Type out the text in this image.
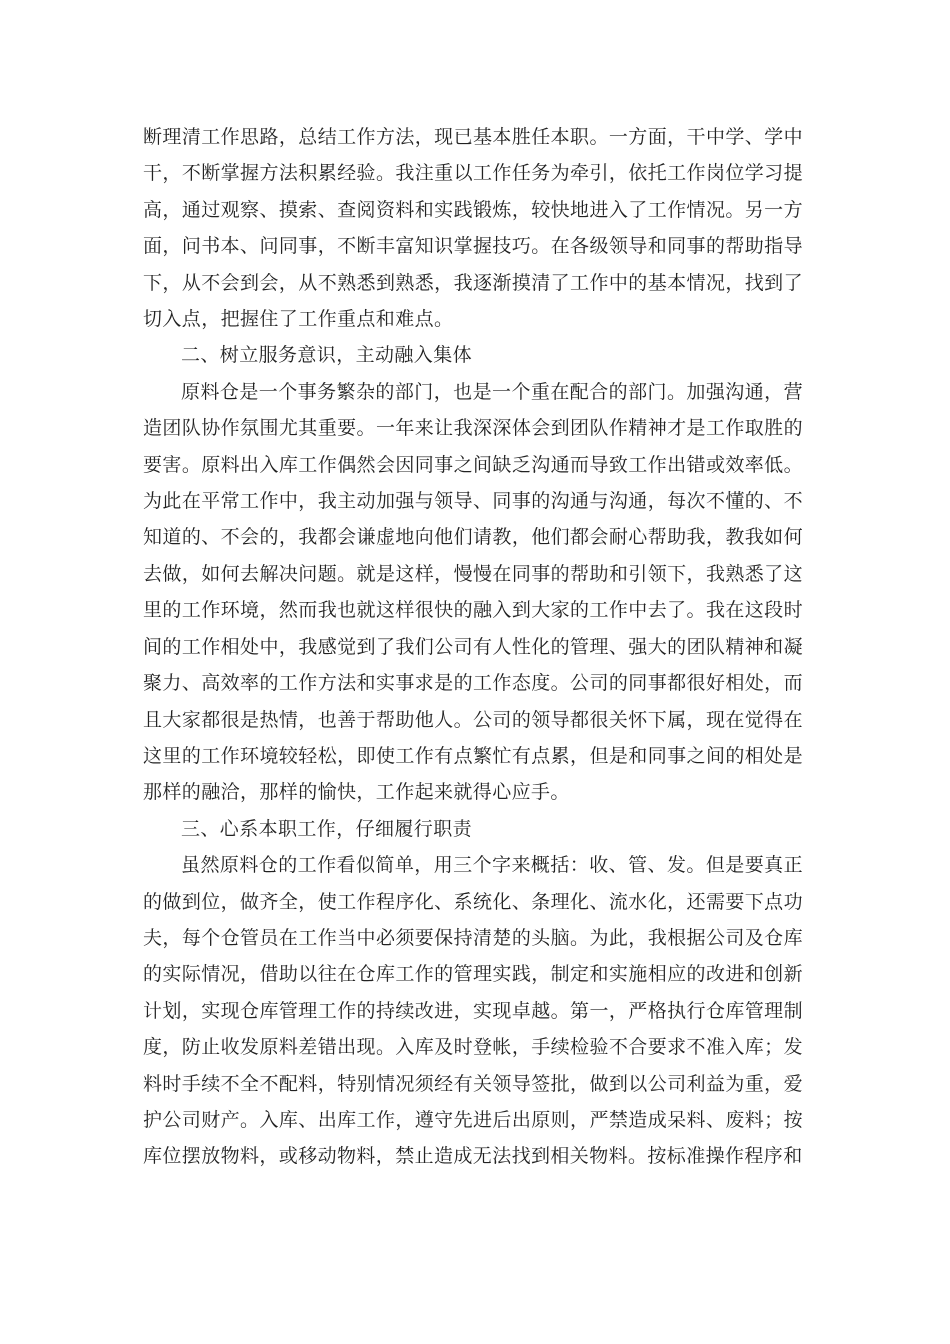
断理清工作思路，总结工作方法，现已基本胜任本职。一方面，干中学、学中干，不断掌握方法积累经验。我注重以工作任务为牵引，依托工作岗位学习提高，通过观察、摸索、查阅资料和实践锻炼，较快地进入了工作情况。另一方面，问书本、问同事，不断丰富知识掌握技巧。在各级领导和同事的帮助指导下，从不会到会，从不熟悉到熟悉，我逐渐摸清了工作中的基本情况，找到了切入点，把握住了工作重点和难点。

二、树立服务意识，主动融入集体

原料仓是一个事务繁杂的部门，也是一个重在配合的部门。加强沟通，营造团队协作氛围尤其重要。一年来让我深深体会到团队作精神才是工作取胜的要害。原料出入库工作偶然会因同事之间缺乏沟通而导致工作出错或效率低。为此在平常工作中，我主动加强与领导、同事的沟通与沟通，每次不懂的、不知道的、不会的，我都会谦虚地向他们请教，他们都会耐心帮助我，教我如何去做，如何去解决问题。就是这样，慢慢在同事的帮助和引领下，我熟悉了这里的工作环境，然而我也就这样很快的融入到大家的工作中去了。我在这段时间的工作相处中，我感觉到了我们公司有人性化的管理、强大的团队精神和凝聚力、高效率的工作方法和实事求是的工作态度。公司的同事都很好相处，而且大家都很是热情，也善于帮助他人。公司的领导都很关怀下属，现在觉得在这里的工作环境较轻松，即使工作有点繁忙有点累，但是和同事之间的相处是那样的融洽，那样的愉快，工作起来就得心应手。

三、心系本职工作，仔细履行职责

虽然原料仓的工作看似简单，用三个字来概括：收、管、发。但是要真正的做到位，做齐全，使工作程序化、系统化、条理化、流水化，还需要下点功夫，每个仓管员在工作当中必须要保持清楚的头脑。为此，我根据公司及仓库的实际情况，借助以往在仓库工作的管理实践，制定和实施相应的改进和创新计划，实现仓库管理工作的持续改进，实现卓越。第一，严格执行仓库管理制度，防止收发原料差错出现。入库及时登帐，手续检验不合要求不准入库；发料时手续不全不配料，特别情况须经有关领导签批，做到以公司利益为重，爱护公司财产。入库、出库工作，遵守先进后出原则，严禁造成呆料、废料；按库位摆放物料，或移动物料，禁止造成无法找到相关物料。按标准操作程序和
